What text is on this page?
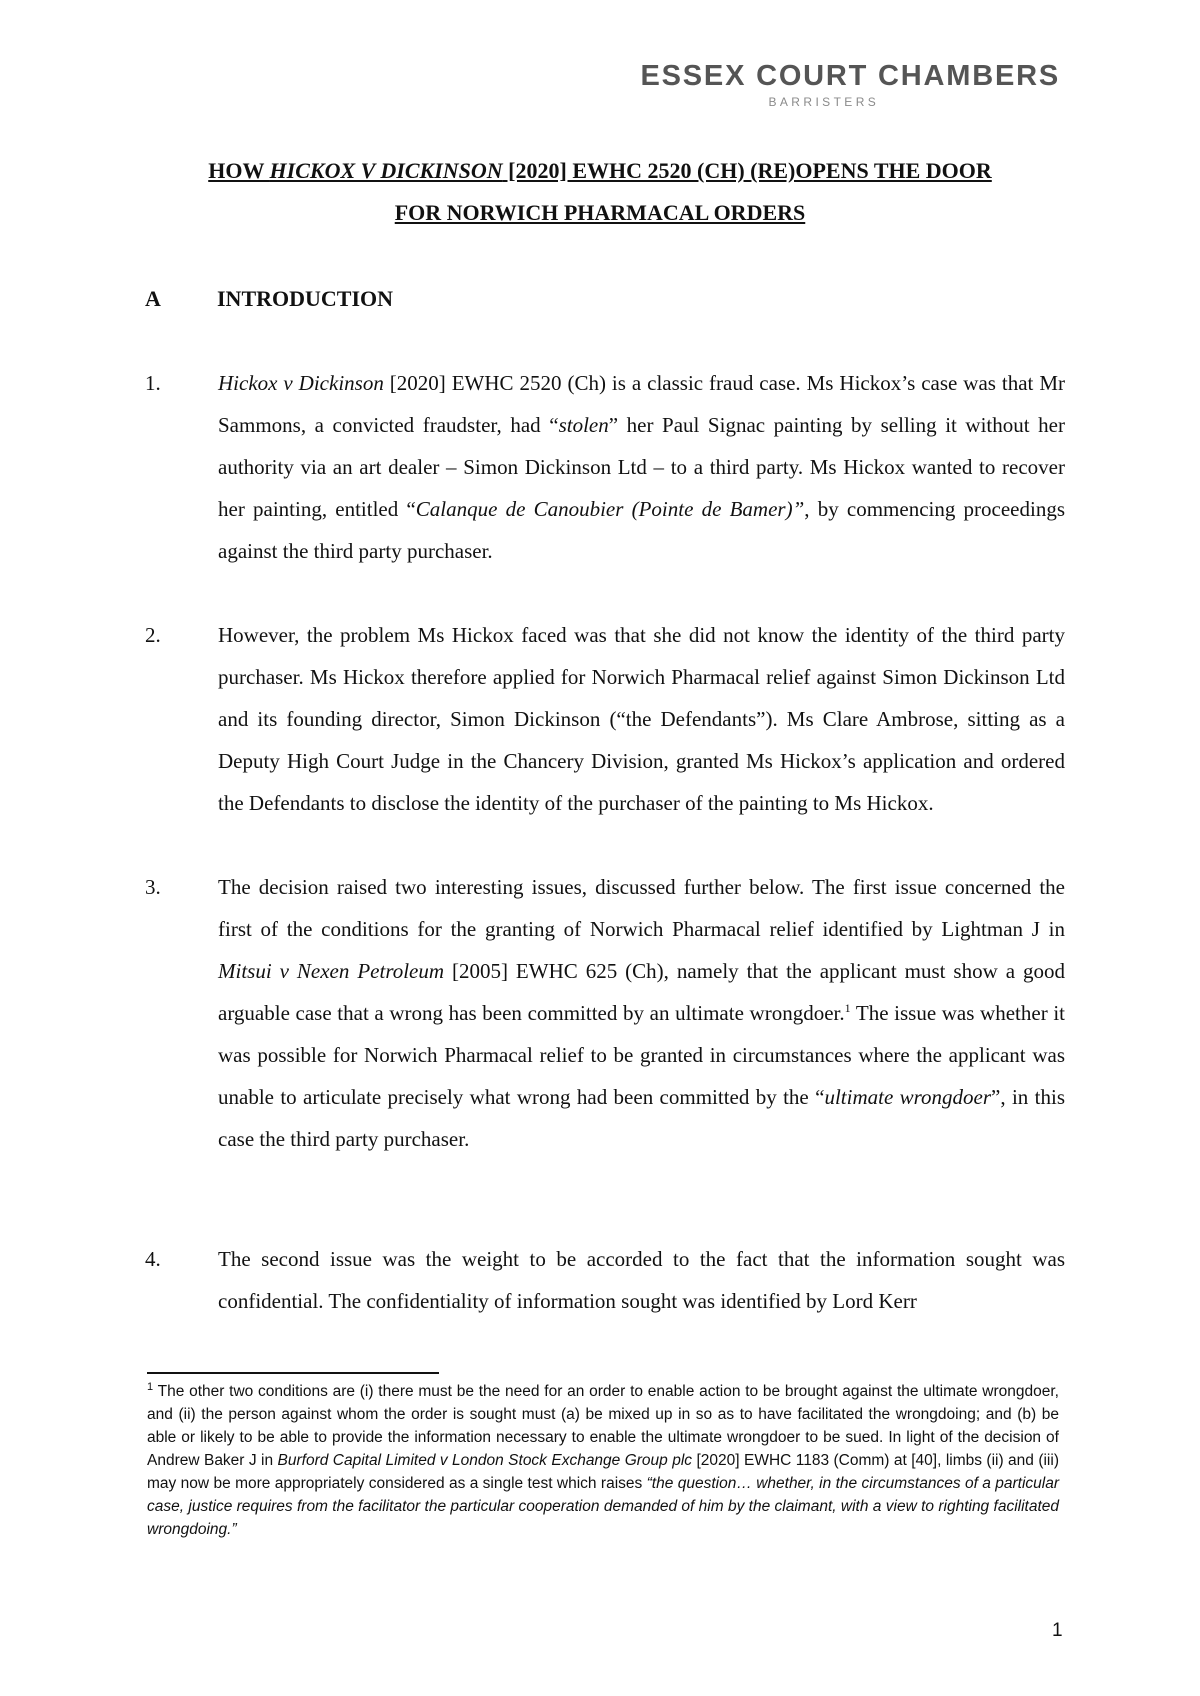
ESSEX COURT CHAMBERS
BARRISTERS
HOW HICKOX V DICKINSON [2020] EWHC 2520 (CH) (RE)OPENS THE DOOR
FOR NORWICH PHARMACAL ORDERS
A	INTRODUCTION
1.	Hickox v Dickinson [2020] EWHC 2520 (Ch) is a classic fraud case. Ms Hickox’s case was that Mr Sammons, a convicted fraudster, had “stolen” her Paul Signac painting by selling it without her authority via an art dealer – Simon Dickinson Ltd – to a third party. Ms Hickox wanted to recover her painting, entitled “Calanque de Canoubier (Pointe de Bamer)”, by commencing proceedings against the third party purchaser.
2.	However, the problem Ms Hickox faced was that she did not know the identity of the third party purchaser. Ms Hickox therefore applied for Norwich Pharmacal relief against Simon Dickinson Ltd and its founding director, Simon Dickinson (“the Defendants”). Ms Clare Ambrose, sitting as a Deputy High Court Judge in the Chancery Division, granted Ms Hickox’s application and ordered the Defendants to disclose the identity of the purchaser of the painting to Ms Hickox.
3.	The decision raised two interesting issues, discussed further below. The first issue concerned the first of the conditions for the granting of Norwich Pharmacal relief identified by Lightman J in Mitsui v Nexen Petroleum [2005] EWHC 625 (Ch), namely that the applicant must show a good arguable case that a wrong has been committed by an ultimate wrongdoer.$^1$ The issue was whether it was possible for Norwich Pharmacal relief to be granted in circumstances where the applicant was unable to articulate precisely what wrong had been committed by the “ultimate wrongdoer”, in this case the third party purchaser.
4.	The second issue was the weight to be accorded to the fact that the information sought was confidential. The confidentiality of information sought was identified by Lord Kerr
$^1$ The other two conditions are (i) there must be the need for an order to enable action to be brought against the ultimate wrongdoer, and (ii) the person against whom the order is sought must (a) be mixed up in so as to have facilitated the wrongdoing; and (b) be able or likely to be able to provide the information necessary to enable the ultimate wrongdoer to be sued. In light of the decision of Andrew Baker J in Burford Capital Limited v London Stock Exchange Group plc [2020] EWHC 1183 (Comm) at [40], limbs (ii) and (iii) may now be more appropriately considered as a single test which raises “the question… whether, in the circumstances of a particular case, justice requires from the facilitator the particular cooperation demanded of him by the claimant, with a view to righting facilitated wrongdoing.”
1
